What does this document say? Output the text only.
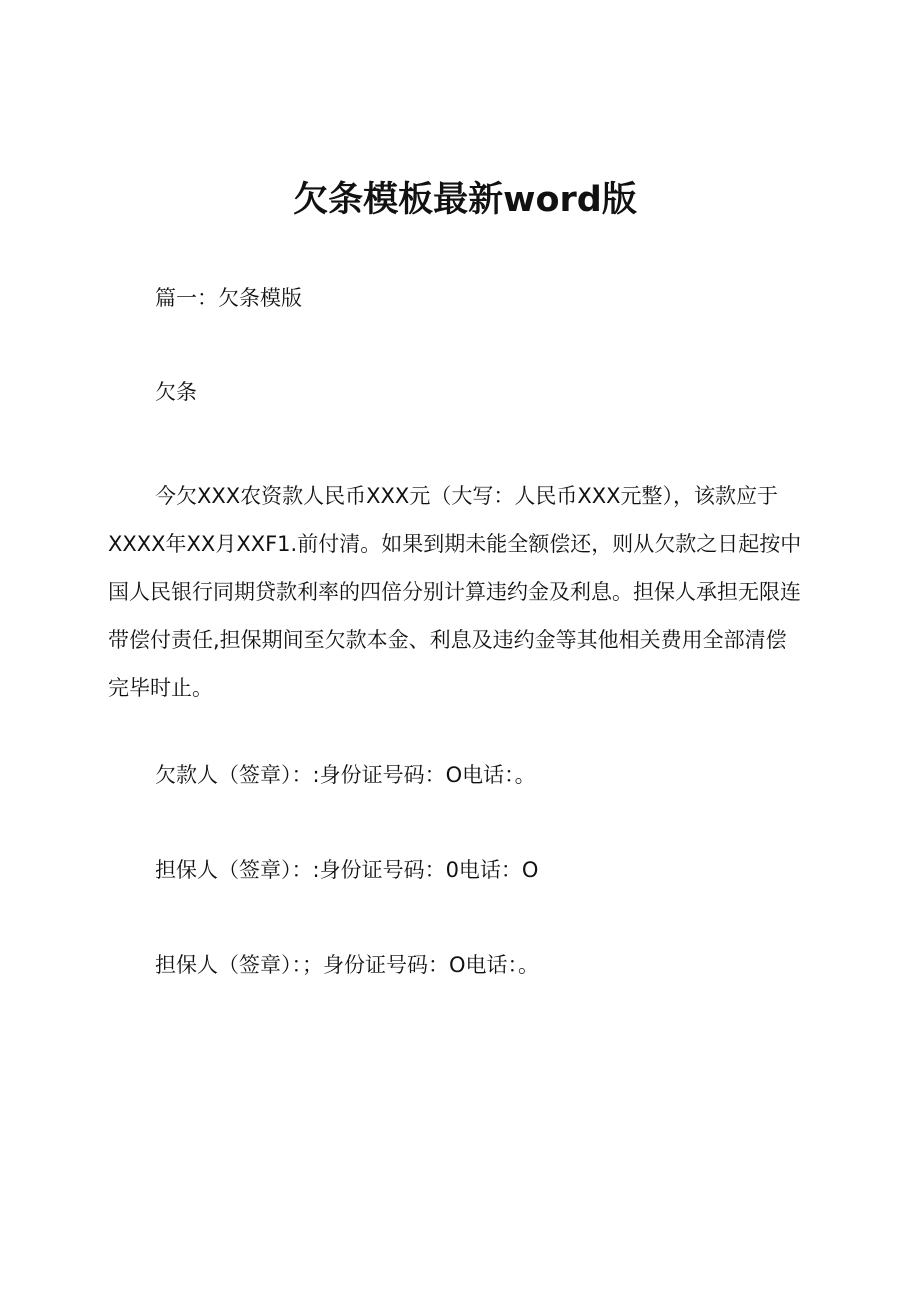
欠条模板最新word版
篇一：欠条模版
欠条
今欠XXX农资款人民币XXX元（大写：人民币XXX元整），该款应于
XXXX年XX月XXF1.前付清。如果到期未能全额偿还，则从欠款之日起按中
国人民银行同期贷款利率的四倍分别计算违约金及利息。担保人承担无限连
带偿付责任,担保期间至欠款本金、利息及违约金等其他相关费用全部清偿
完毕时止。
欠款人（签章）：:身份证号码：O电话：。
担保人（签章）：:身份证号码：0电话：O
担保人（签章）：；身份证号码：O电话：。
